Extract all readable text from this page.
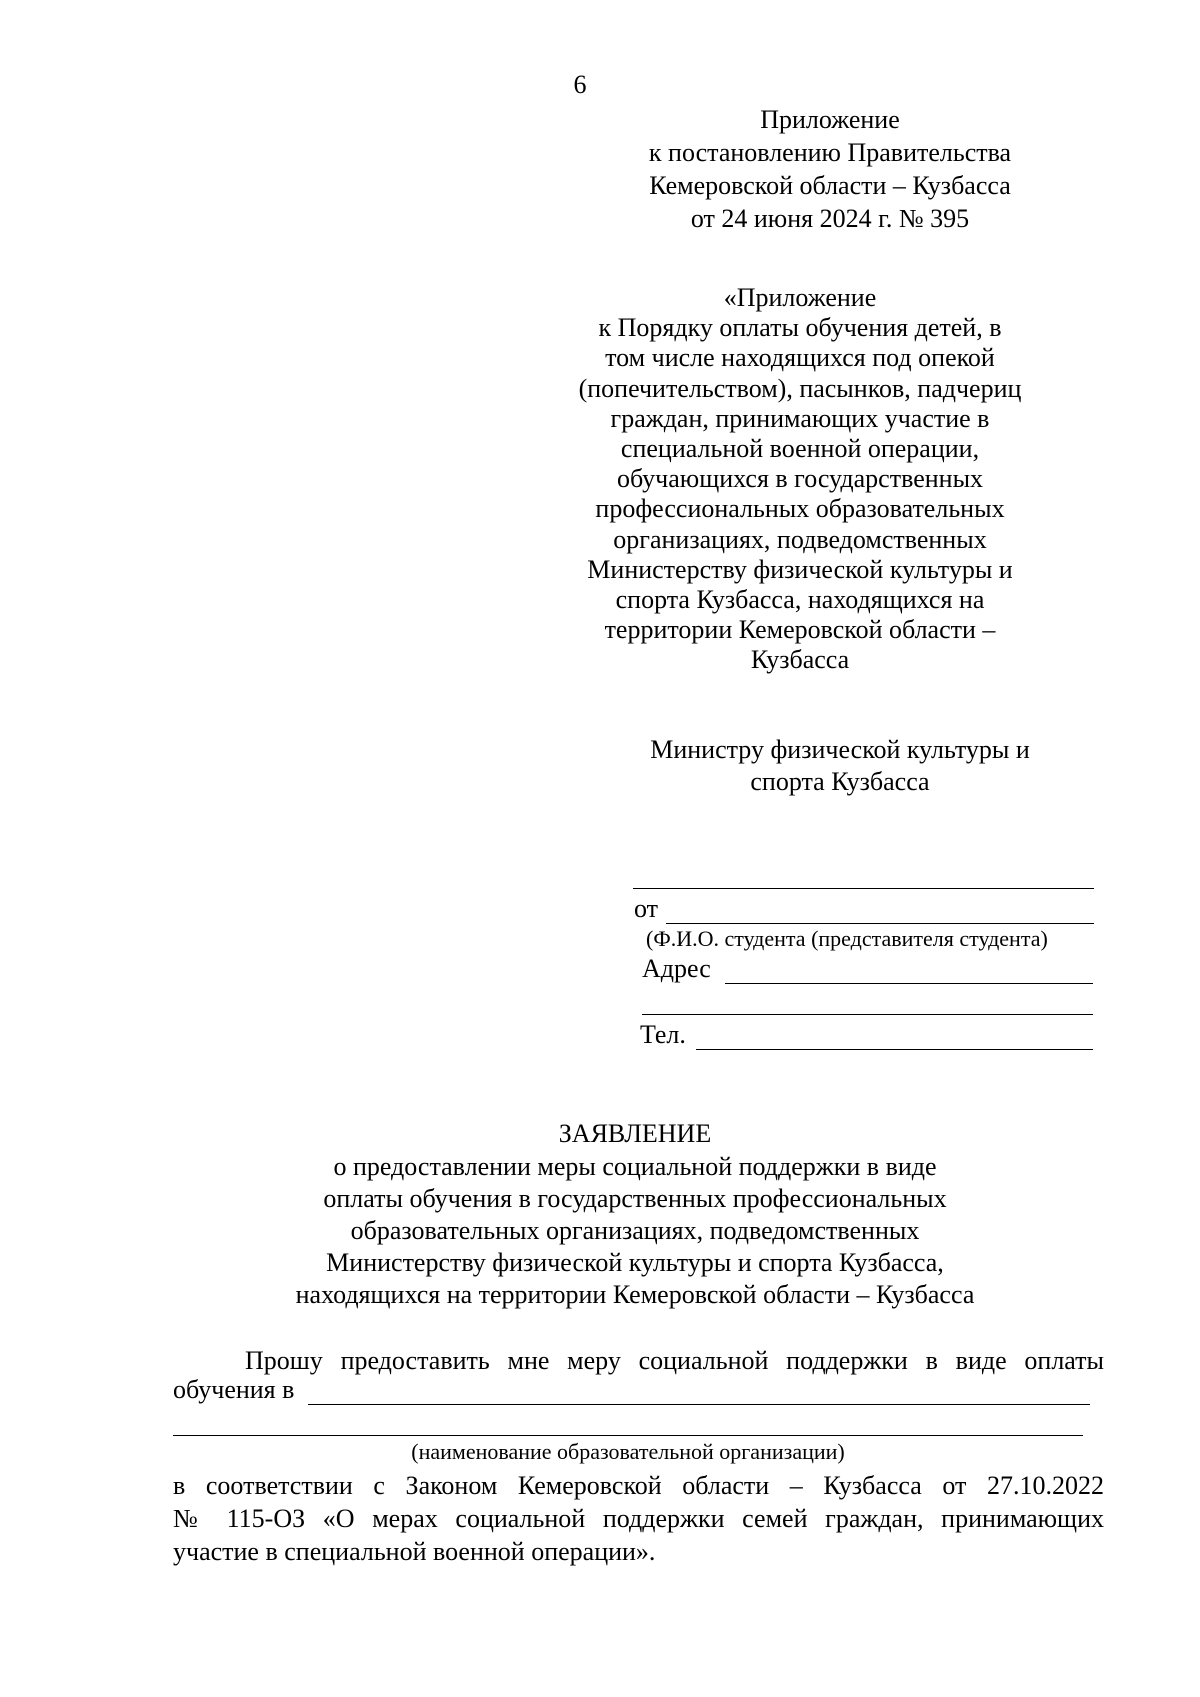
6
Приложение
к постановлению Правительства
Кемеровской области – Кузбасса
от 24 июня 2024 г. № 395
«Приложение
к Порядку оплаты обучения детей, в
том числе находящихся под опекой
(попечительством), пасынков, падчериц
граждан, принимающих участие в
специальной военной операции,
обучающихся в государственных
профессиональных образовательных
организациях, подведомственных
Министерству физической культуры и
спорта Кузбасса, находящихся на
территории Кемеровской области –
Кузбасса
Министру физической культуры и
спорта Кузбасса
от
(Ф.И.О. студента (представителя студента)
Адрес
Тел.
ЗАЯВЛЕНИЕ
о предоставлении меры социальной поддержки в виде
оплаты обучения в государственных профессиональных
образовательных организациях, подведомственных
Министерству физической культуры и спорта Кузбасса,
находящихся на территории Кемеровской области – Кузбасса
Прошу предоставить мне меру социальной поддержки в виде оплаты
обучения в
(наименование образовательной организации)
в соответствии с Законом Кемеровской области – Кузбасса от 27.10.2022
№ 115-ОЗ «О мерах социальной поддержки семей граждан, принимающих
участие в специальной военной операции».
